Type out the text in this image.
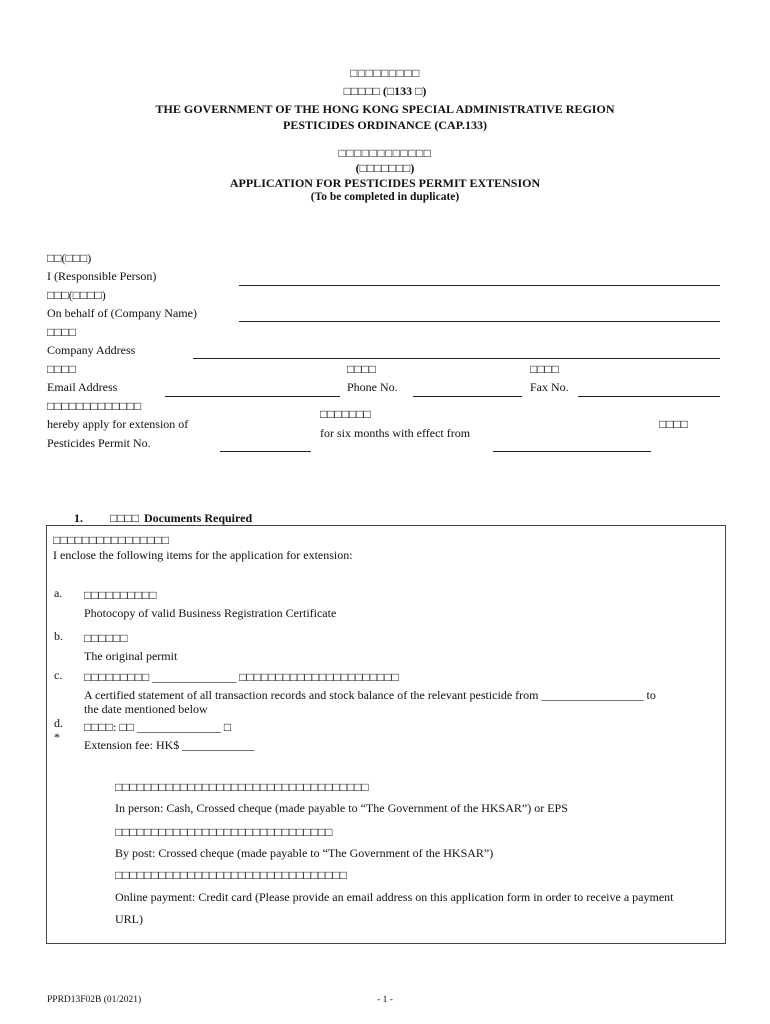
□□□□□□□□□
□□□□□ (□133 □)
THE GOVERNMENT OF THE HONG KONG SPECIAL ADMINISTRATIVE REGION
PESTICIDES ORDINANCE (CAP.133)
□□□□□□□□□□□□
(□□□□□□□)
APPLICATION FOR PESTICIDES PERMIT EXTENSION
(To be completed in duplicate)
□□(□□□)
I (Responsible Person)
□□□(□□□□)
On behalf of (Company Name)
□□□□
Company Address
□□□□
Email Address
□□□□
Phone No.
□□□□
Fax No.
□□□□□□□□□□□□□
hereby apply for extension of
Pesticides Permit No.
□□□□□□□
for six months with effect from
□□□□
1. □□□□ Documents Required
□□□□□□□□□□□□□□□□
I enclose the following items for the application for extension:
a. □□□□□□□□□□
Photocopy of valid Business Registration Certificate
b. □□□□□□
The original permit
c. □□□□□□□□□ ______________ □□□□□□□□□□□□□□□□□□□□□□
A certified statement of all transaction records and stock balance of the relevant pesticide from _________________ to
the date mentioned below
d.
*
□□□□: □□ ______________ □
Extension fee: HK$ ____________
□□□□□□□□□□□□□□□□□□□□□□□□□□□□□□□□□□□
In person: Cash, Crossed cheque (made payable to “The Government of the HKSAR”) or EPS
□□□□□□□□□□□□□□□□□□□□□□□□□□□□□□
By post: Crossed cheque (made payable to “The Government of the HKSAR”)
□□□□□□□□□□□□□□□□□□□□□□□□□□□□□□□□
Online payment: Credit card (Please provide an email address on this application form in order to receive a payment
URL)
PPRD13F02B (01/2021)	- 1 -
